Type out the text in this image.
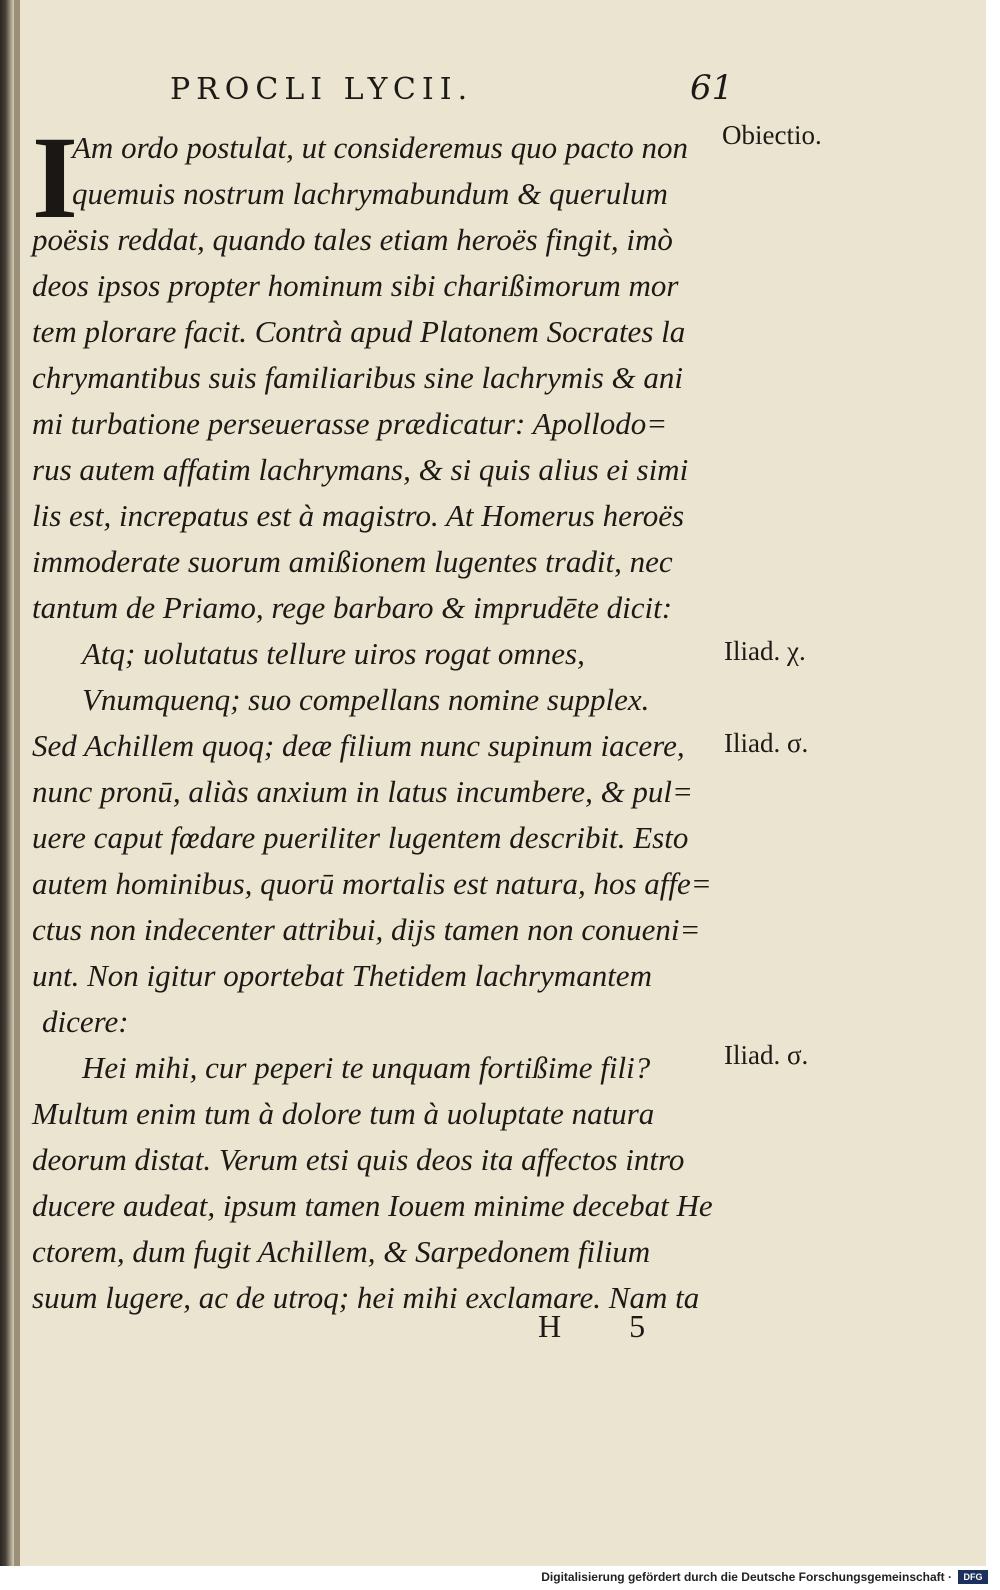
PROCLI LYCII.	61
I
Am ordo postulat, ut consideremus quo pacto non
quemuis nostrum lachrymabundum & querulum
poësis reddat, quando tales etiam heroës fingit, imò
deos ipsos propter hominum sibi charißimorum mor
tem plorare facit. Contrà apud Platonem Socrates la
chrymantibus suis familiaribus sine lachrymis & ani
mi turbatione perseuerasse prædicatur: Apollodo=
rus autem affatim lachrymans, & si quis alius ei simi
lis est, increpatus est à magistro. At Homerus heroës
immoderate suorum amißionem lugentes tradit, nec
tantum de Priamo, rege barbaro & imprudēte dicit:
Atq; uolutatus tellure uiros rogat omnes,
Vnumquenq; suo compellans nomine supplex.
Sed Achillem quoq; deæ filium nunc supinum iacere,
nunc pronū, aliàs anxium in latus incumbere, & pul=
uere caput fœdare pueriliter lugentem describit. Esto
autem hominibus, quorū mortalis est natura, hos affe=
ctus non indecenter attribui, dijs tamen non conueni=
unt. Non igitur oportebat Thetidem lachrymantem
dicere:
Hei mihi, cur peperi te unquam fortißime fili?
Multum enim tum à dolore tum à uoluptate natura
deorum distat. Verum etsi quis deos ita affectos intro
ducere audeat, ipsum tamen Iouem minime decebat He
ctorem, dum fugit Achillem, & Sarpedonem filium
suum lugere, ac de utroq; hei mihi exclamare. Nam ta
Obiectio.
Iliad. χ.
Iliad. σ.
Iliad. σ.
H 5
Digitalisierung gefördert durch die Deutsche Forschungsgemeinschaft ·	DFG
